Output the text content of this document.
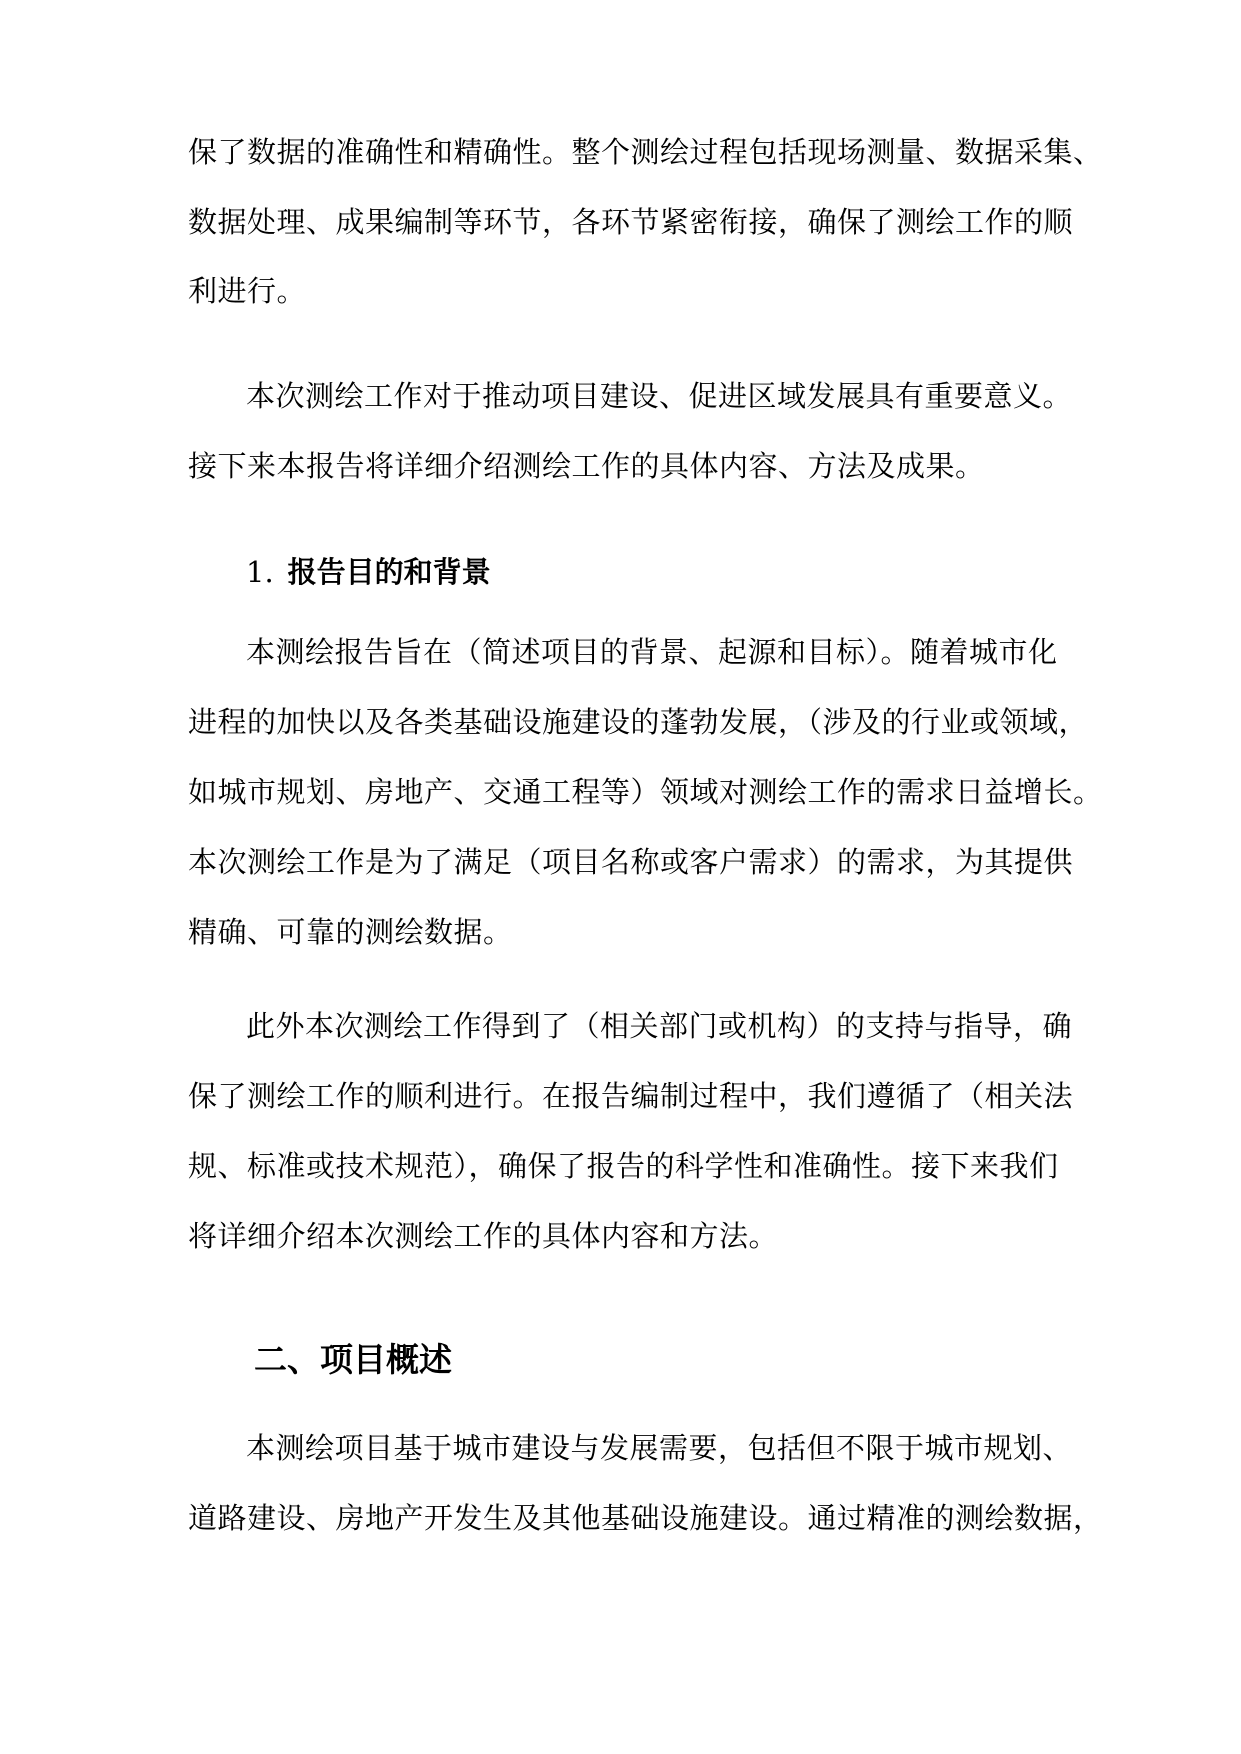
保了数据的准确性和精确性。整个测绘过程包括现场测量、数据采集、
数据处理、成果编制等环节，各环节紧密衔接，确保了测绘工作的顺
利进行。
本次测绘工作对于推动项目建设、促进区域发展具有重要意义。
接下来本报告将详细介绍测绘工作的具体内容、方法及成果。
1. 报告目的和背景
本测绘报告旨在（简述项目的背景、起源和目标）。随着城市化
进程的加快以及各类基础设施建设的蓬勃发展，（涉及的行业或领域，
如城市规划、房地产、交通工程等）领域对测绘工作的需求日益增长。
本次测绘工作是为了满足（项目名称或客户需求）的需求，为其提供
精确、可靠的测绘数据。
此外本次测绘工作得到了（相关部门或机构）的支持与指导，确
保了测绘工作的顺利进行。在报告编制过程中，我们遵循了（相关法
规、标准或技术规范），确保了报告的科学性和准确性。接下来我们
将详细介绍本次测绘工作的具体内容和方法。
二、项目概述
本测绘项目基于城市建设与发展需要，包括但不限于城市规划、
道路建设、房地产开发生及其他基础设施建设。通过精准的测绘数据，
